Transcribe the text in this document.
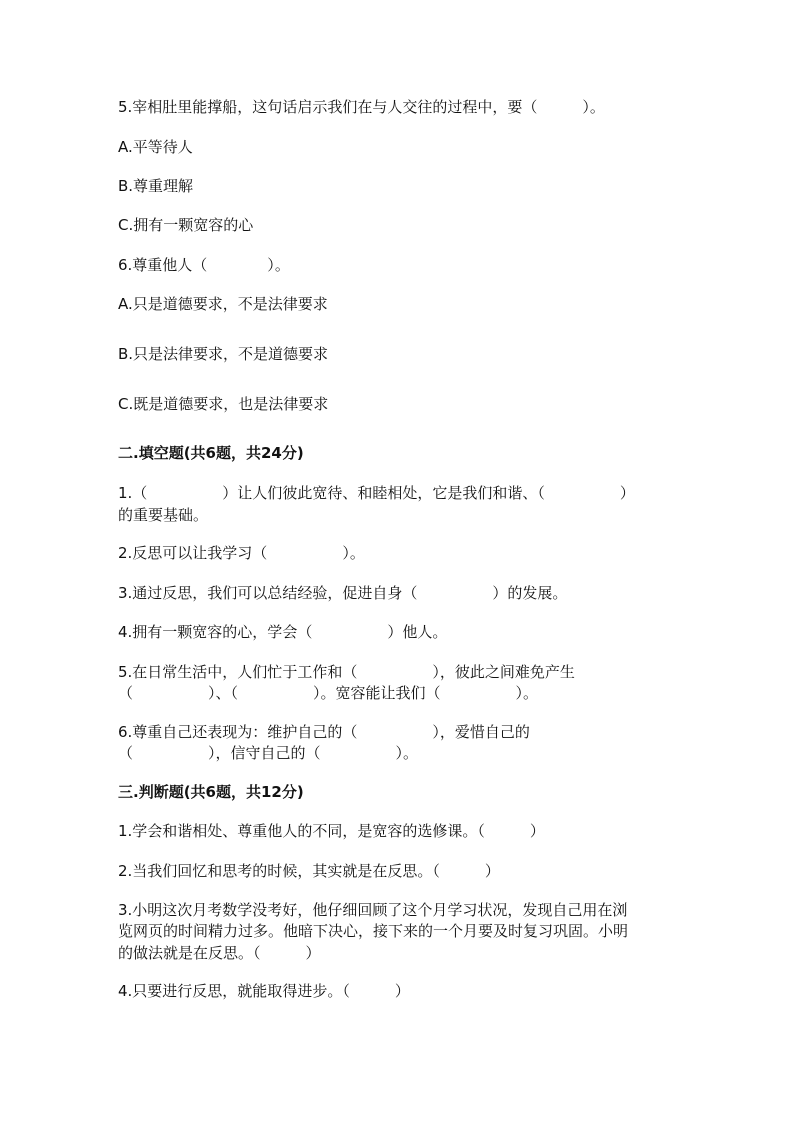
5.宰相肚里能撑船，这句话启示我们在与人交往的过程中，要（　　　）。
A.平等待人
B.尊重理解
C.拥有一颗宽容的心
6.尊重他人（　　　　）。
A.只是道德要求，不是法律要求
B.只是法律要求，不是道德要求
C.既是道德要求，也是法律要求
二.填空题(共6题，共24分)
1.（　　　　　）让人们彼此宽待、和睦相处，它是我们和谐、（　　　　　）
的重要基础。
2.反思可以让我学习（　　　　　）。
3.通过反思，我们可以总结经验，促进自身（　　　　　）的发展。
4.拥有一颗宽容的心，学会（　　　　　）他人。
5.在日常生活中，人们忙于工作和（　　　　　），彼此之间难免产生
（　　　　　）、（　　　　　）。宽容能让我们（　　　　　）。
6.尊重自己还表现为：维护自己的（　　　　　），爱惜自己的
（　　　　　），信守自己的（　　　　　）。
三.判断题(共6题，共12分)
1.学会和谐相处、尊重他人的不同，是宽容的选修课。（　　　）
2.当我们回忆和思考的时候，其实就是在反思。（　　　）
3.小明这次月考数学没考好，他仔细回顾了这个月学习状况，发现自己用在浏
览网页的时间精力过多。他暗下决心，接下来的一个月要及时复习巩固。小明
的做法就是在反思。（　　　）
4.只要进行反思，就能取得进步。（　　　）
